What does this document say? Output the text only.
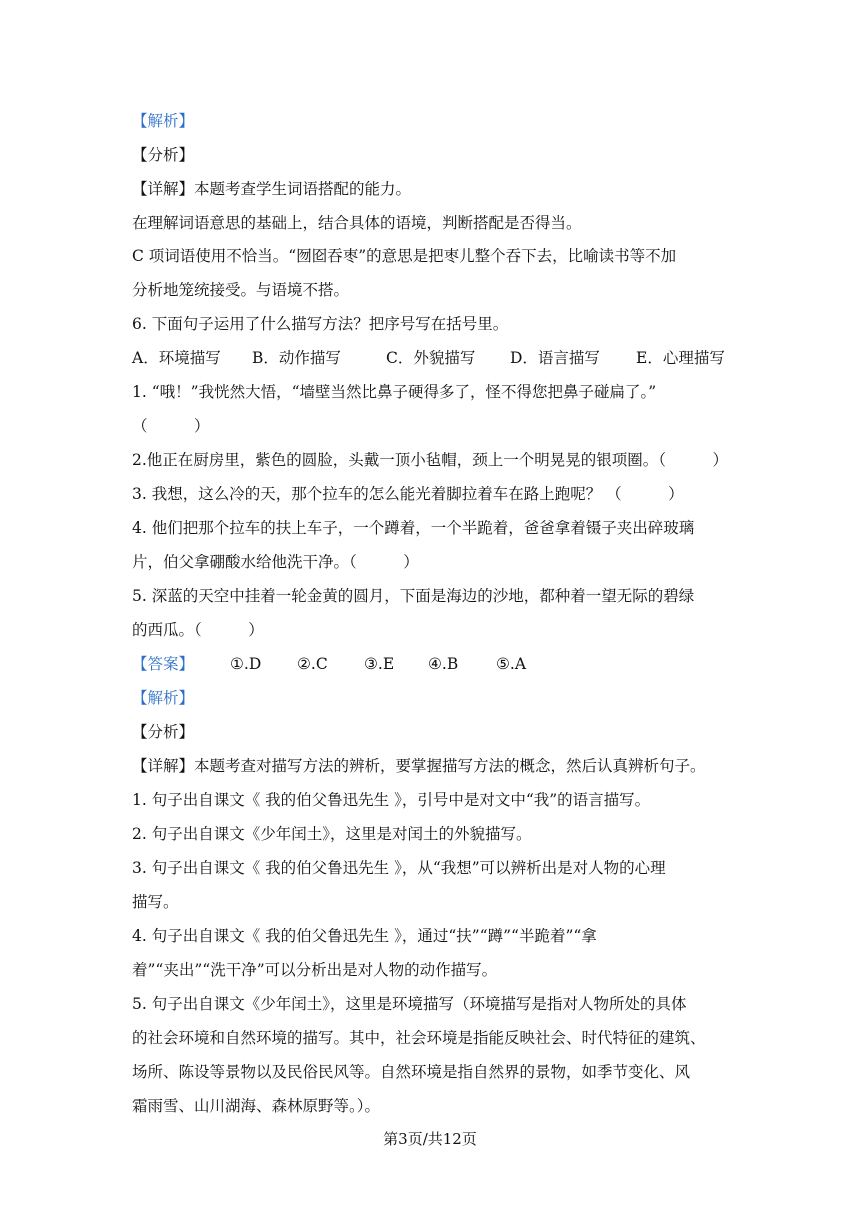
【解析】
【分析】
【详解】本题考查学生词语搭配的能力。
在理解词语意思的基础上，结合具体的语境，判断搭配是否得当。
C 项词语使用不恰当。“囫囵吞枣”的意思是把枣儿整个吞下去，比喻读书等不加
分析地笼统接受。与语境不搭。
6. 下面句子运用了什么描写方法？把序号写在括号里。
A．环境描写 B．动作描写	C．外貌描写 D．语言描写 E．心理描写
1. “哦！”我恍然大悟，“墙壁当然比鼻子硬得多了，怪不得您把鼻子碰扁了。”
（　　　）
2.他正在厨房里，紫色的圆脸，头戴一顶小毡帽，颈上一个明晃晃的银项圈。（　　　）
3. 我想，这么冷的天，那个拉车的怎么能光着脚拉着车在路上跑呢？ （　　　）
4. 他们把那个拉车的扶上车子，一个蹲着，一个半跪着，爸爸拿着镊子夹出碎玻璃
片，伯父拿硼酸水给他洗干净。（　　　）
5. 深蓝的天空中挂着一轮金黄的圆月，下面是海边的沙地，都种着一望无际的碧绿
的西瓜。（　　　）
【答案】 ①.D ②.C ③.E ④.B ⑤.A
【解析】
【分析】
【详解】本题考查对描写方法的辨析，要掌握描写方法的概念，然后认真辨析句子。
1. 句子出自课文《 我的伯父鲁迅先生 》，引号中是对文中“我”的语言描写。
2. 句子出自课文《少年闰土》，这里是对闰土的外貌描写。
3. 句子出自课文《 我的伯父鲁迅先生 》，从“我想”可以辨析出是对人物的心理
描写。
4. 句子出自课文《 我的伯父鲁迅先生 》，通过“扶”“蹲”“半跪着”“拿
着”“夹出”“洗干净”可以分析出是对人物的动作描写。
5. 句子出自课文《少年闰土》，这里是环境描写（环境描写是指对人物所处的具体
的社会环境和自然环境的描写。其中，社会环境是指能反映社会、时代特征的建筑、
场所、陈设等景物以及民俗民风等。自然环境是指自然界的景物，如季节变化、风
霜雨雪、山川湖海、森林原野等。）。
第3页/共12页
